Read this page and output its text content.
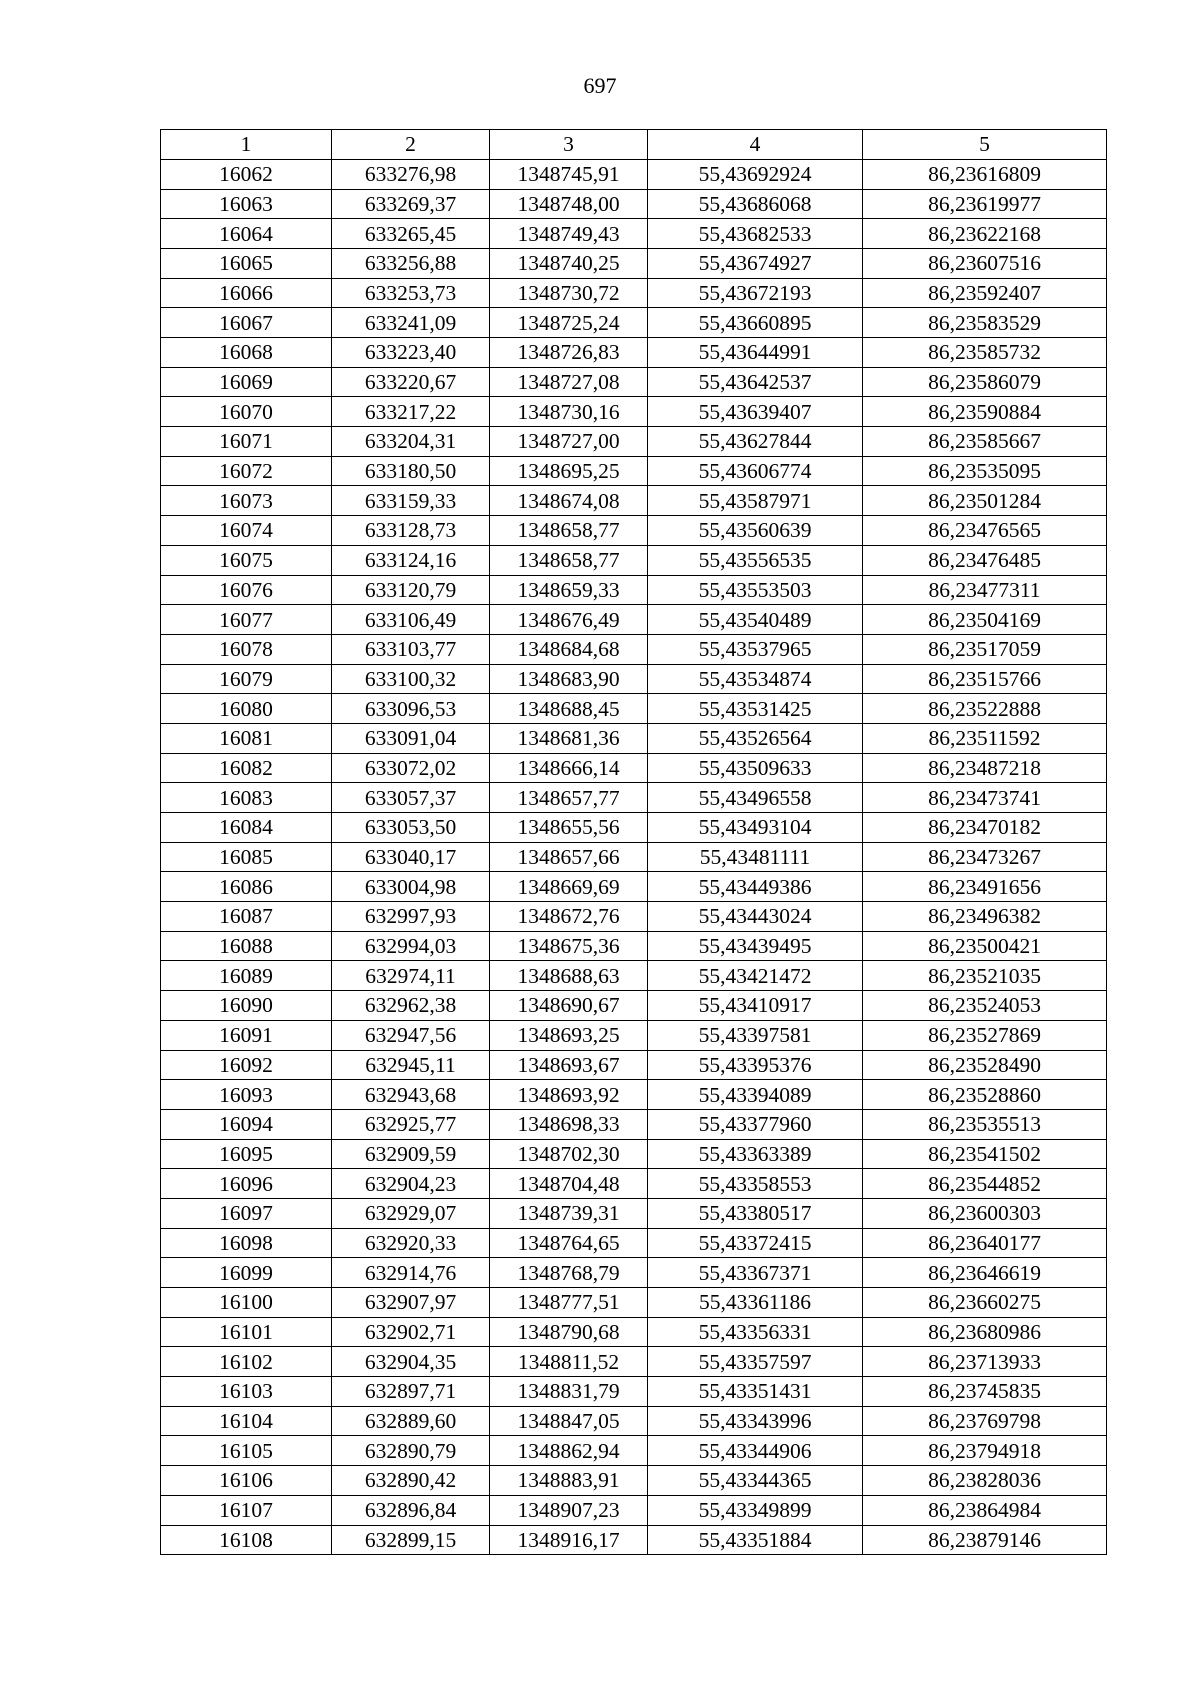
697
1	2	3	4	5
16062	633276,98	1348745,91	55,43692924	86,23616809
16063	633269,37	1348748,00	55,43686068	86,23619977
16064	633265,45	1348749,43	55,43682533	86,23622168
16065	633256,88	1348740,25	55,43674927	86,23607516
16066	633253,73	1348730,72	55,43672193	86,23592407
16067	633241,09	1348725,24	55,43660895	86,23583529
16068	633223,40	1348726,83	55,43644991	86,23585732
16069	633220,67	1348727,08	55,43642537	86,23586079
16070	633217,22	1348730,16	55,43639407	86,23590884
16071	633204,31	1348727,00	55,43627844	86,23585667
16072	633180,50	1348695,25	55,43606774	86,23535095
16073	633159,33	1348674,08	55,43587971	86,23501284
16074	633128,73	1348658,77	55,43560639	86,23476565
16075	633124,16	1348658,77	55,43556535	86,23476485
16076	633120,79	1348659,33	55,43553503	86,23477311
16077	633106,49	1348676,49	55,43540489	86,23504169
16078	633103,77	1348684,68	55,43537965	86,23517059
16079	633100,32	1348683,90	55,43534874	86,23515766
16080	633096,53	1348688,45	55,43531425	86,23522888
16081	633091,04	1348681,36	55,43526564	86,23511592
16082	633072,02	1348666,14	55,43509633	86,23487218
16083	633057,37	1348657,77	55,43496558	86,23473741
16084	633053,50	1348655,56	55,43493104	86,23470182
16085	633040,17	1348657,66	55,43481111	86,23473267
16086	633004,98	1348669,69	55,43449386	86,23491656
16087	632997,93	1348672,76	55,43443024	86,23496382
16088	632994,03	1348675,36	55,43439495	86,23500421
16089	632974,11	1348688,63	55,43421472	86,23521035
16090	632962,38	1348690,67	55,43410917	86,23524053
16091	632947,56	1348693,25	55,43397581	86,23527869
16092	632945,11	1348693,67	55,43395376	86,23528490
16093	632943,68	1348693,92	55,43394089	86,23528860
16094	632925,77	1348698,33	55,43377960	86,23535513
16095	632909,59	1348702,30	55,43363389	86,23541502
16096	632904,23	1348704,48	55,43358553	86,23544852
16097	632929,07	1348739,31	55,43380517	86,23600303
16098	632920,33	1348764,65	55,43372415	86,23640177
16099	632914,76	1348768,79	55,43367371	86,23646619
16100	632907,97	1348777,51	55,43361186	86,23660275
16101	632902,71	1348790,68	55,43356331	86,23680986
16102	632904,35	1348811,52	55,43357597	86,23713933
16103	632897,71	1348831,79	55,43351431	86,23745835
16104	632889,60	1348847,05	55,43343996	86,23769798
16105	632890,79	1348862,94	55,43344906	86,23794918
16106	632890,42	1348883,91	55,43344365	86,23828036
16107	632896,84	1348907,23	55,43349899	86,23864984
16108	632899,15	1348916,17	55,43351884	86,23879146
